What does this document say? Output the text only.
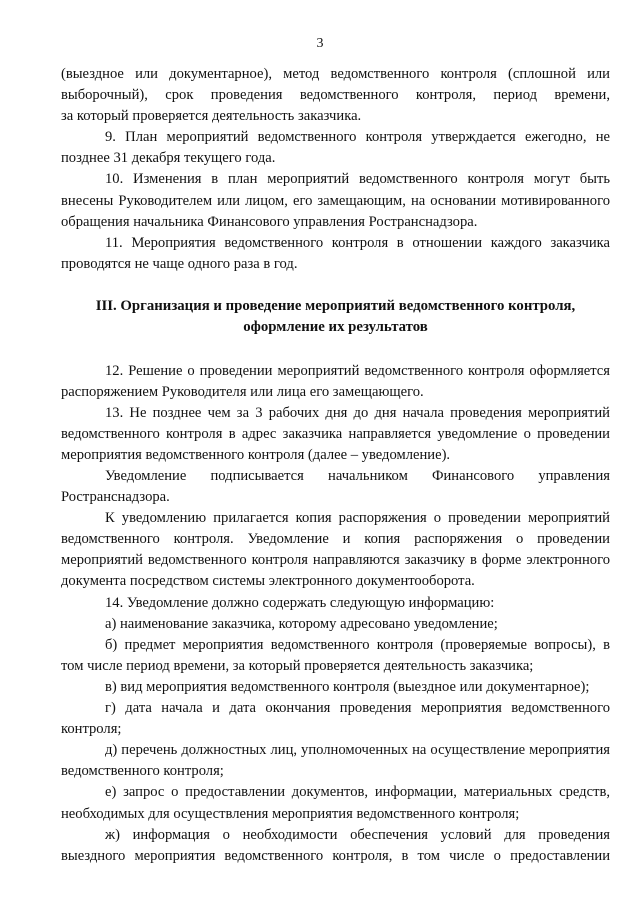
3

(выездное или документарное), метод ведомственного контроля (сплошной или

выборочный), срок проведения ведомственного контроля, период времени,

за который проверяется деятельность заказчика.

9. План мероприятий ведомственного контроля утверждается ежегодно, не позднее 31 декабря текущего года.

10. Изменения в план мероприятий ведомственного контроля могут быть внесены Руководителем или лицом, его замещающим, на основании мотивированного обращения начальника Финансового управления Ространснадзора.

11. Мероприятия ведомственного контроля в отношении каждого заказчика проводятся не чаще одного раза в год.

III. Организация и проведение мероприятий ведомственного контроля,

оформление их результатов

12. Решение о проведении мероприятий ведомственного контроля оформляется распоряжением Руководителя или лица его замещающего.

13. Не позднее чем за 3 рабочих дня до дня начала проведения мероприятий ведомственного контроля в адрес заказчика направляется уведомление о проведении мероприятия ведомственного контроля (далее – уведомление).

Уведомление подписывается начальником Финансового управления Ространснадзора.

К уведомлению прилагается копия распоряжения о проведении мероприятий ведомственного контроля. Уведомление и копия распоряжения о проведении мероприятий ведомственного контроля направляются заказчику в форме электронного документа посредством системы электронного документооборота.

14. Уведомление должно содержать следующую информацию:

а) наименование заказчика, которому адресовано уведомление;

б) предмет мероприятия ведомственного контроля (проверяемые вопросы), в том числе период времени, за который проверяется деятельность заказчика;

в) вид мероприятия ведомственного контроля (выездное или документарное);

г) дата начала и дата окончания проведения мероприятия ведомственного контроля;

д) перечень должностных лиц, уполномоченных на осуществление мероприятия ведомственного контроля;

е) запрос о предоставлении документов, информации, материальных средств, необходимых для осуществления мероприятия ведомственного контроля;

ж) информация о необходимости обеспечения условий для проведения выездного мероприятия ведомственного контроля, в том числе о предоставлении
